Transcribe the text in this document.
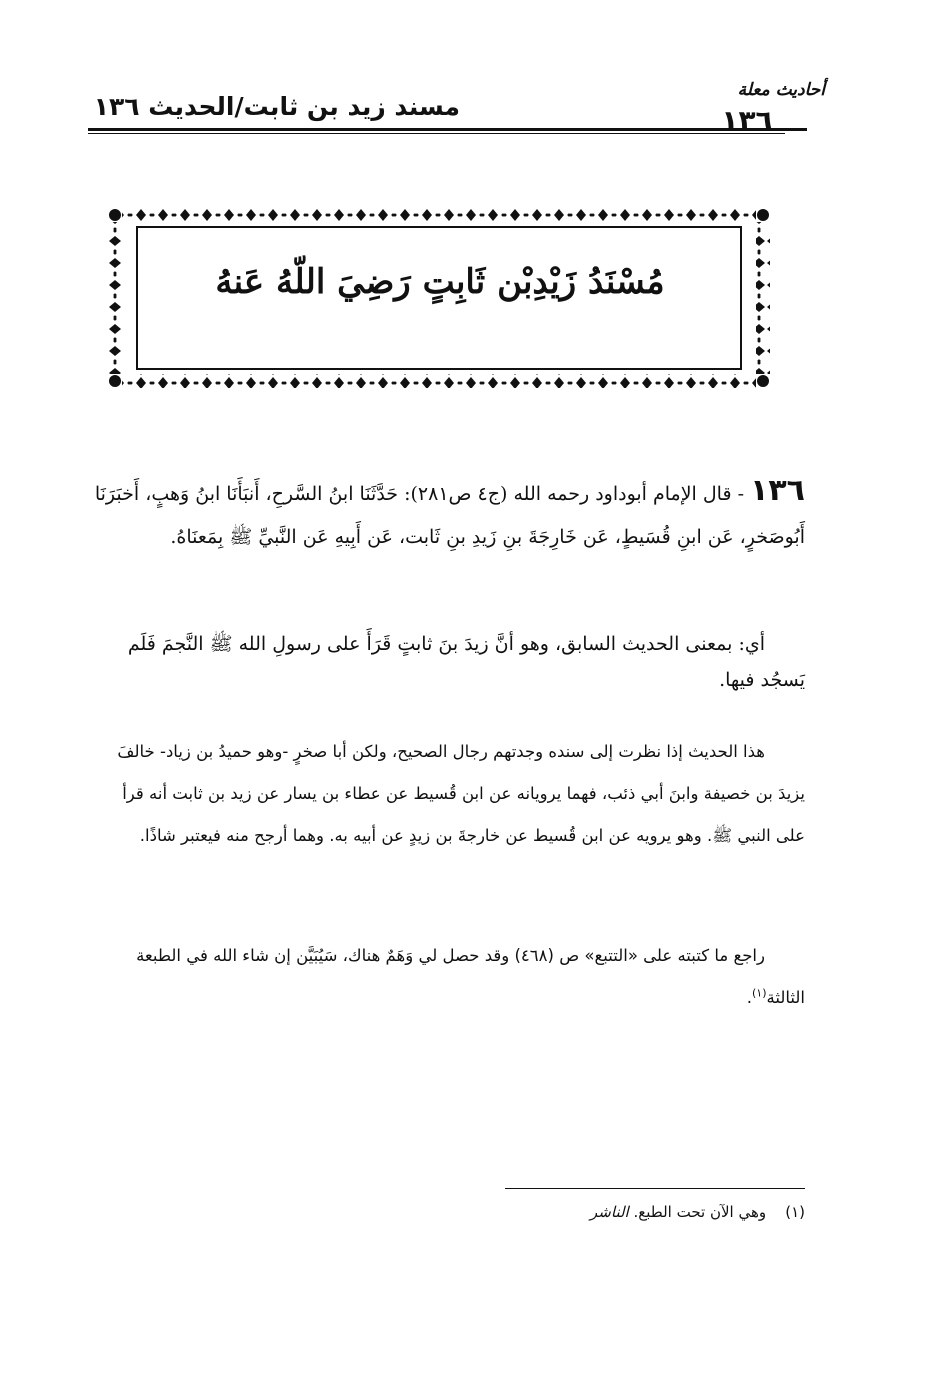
مسند زيد بن ثابت/الحديث ١٣٦
أحاديث معلة
١٣٦
مُسْنَدُ زَيْدِبْن ثَابِتٍ رَضِيَ اللّهُ عَنهُ
١٣٦ - قال الإمام أبوداود رحمه الله (ج٤ ص٢٨١): حَدَّثَنَا ابنُ السَّرحِ، أَنبَأَنَا ابنُ وَهبٍ، أَخبَرَنَا أَبُوصَخرٍ، عَن ابنِ قُسَيطٍ، عَن خَارِجَةَ بنِ زَيدِ بنِ ثَابت، عَن أَبِيهِ عَن النَّبيِّ ﷺ بِمَعنَاهُ.
أي: بمعنى الحديث السابق، وهو أنَّ زيدَ بنَ ثابتٍ قَرَأَ على رسولِ الله ﷺ النَّجمَ فَلَم يَسجُد فيها.
هذا الحديث إذا نظرت إلى سنده وجدتهم رجال الصحيح، ولكن أبا صخرٍ -وهو حميدُ بن زياد- خالفَ يزيدَ بن خصيفة وابنَ أبي ذئب، فهما يرويانه عن ابن قُسيط عن عطاء بن يسار عن زيد بن ثابت أنه قرأ على النبي ﷺ. وهو يرويه عن ابن قُسيط عن خارجةَ بن زيدٍ عن أبيه به. وهما أرجح منه فيعتبر شاذًا.
راجع ما كتبته على «التتبع» ص (٤٦٨) وقد حصل لي وَهَمٌ هناك، سَيُبَيَّن إن شاء الله في الطبعة الثالثة$^{(١)}$.
(١)    وهي الآن تحت الطبع. الناشر
